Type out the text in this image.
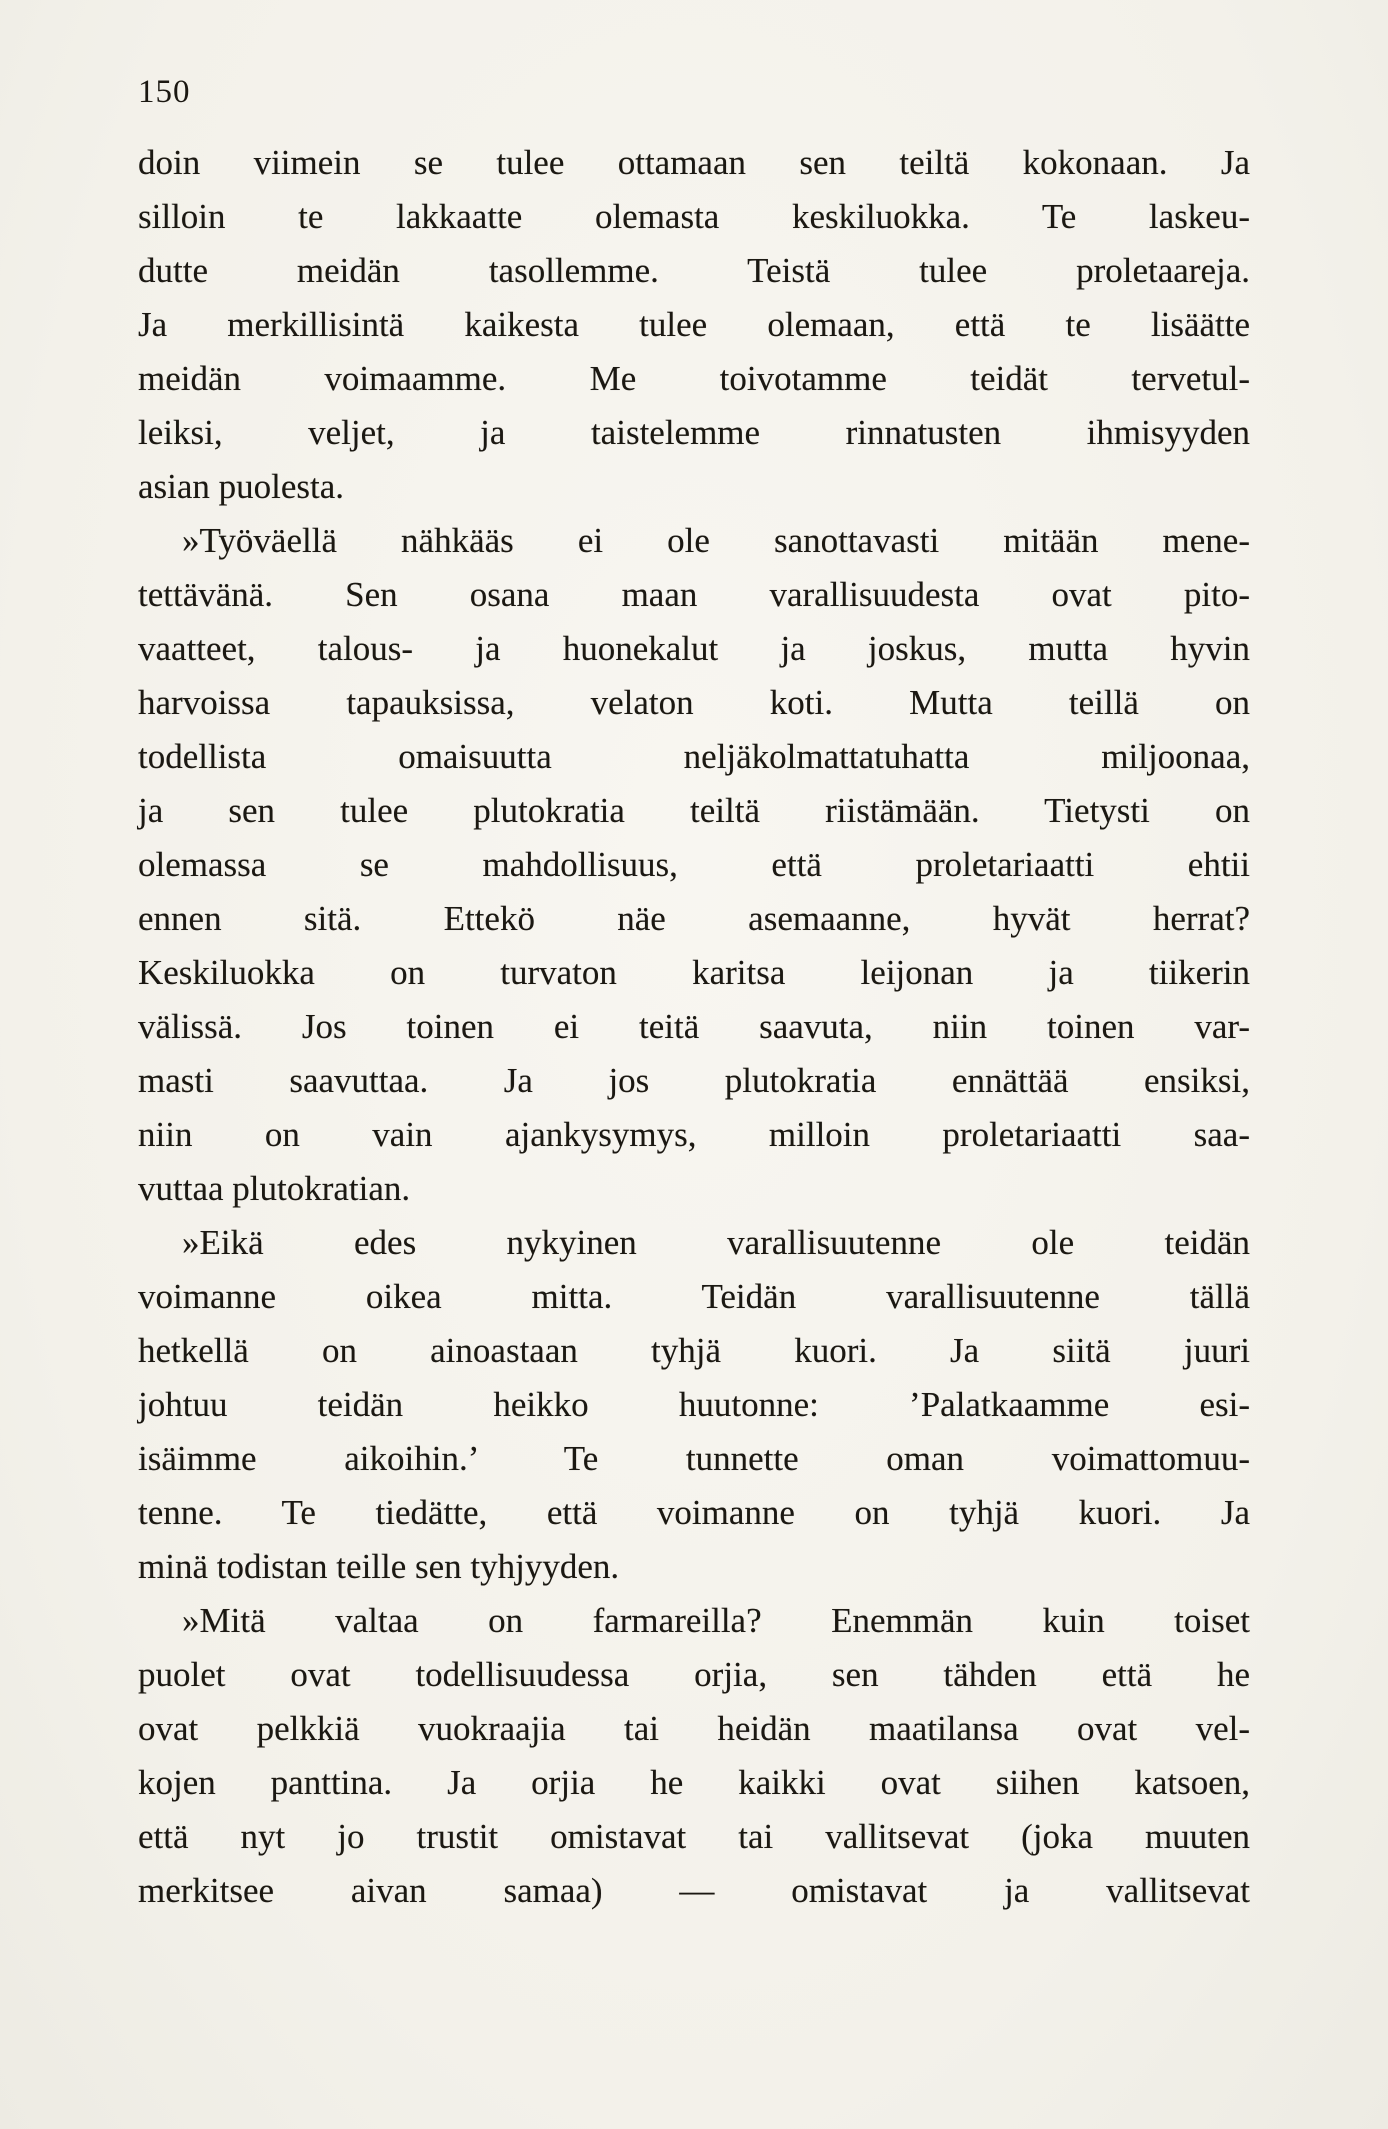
150
doin viimein se tulee ottamaan sen teiltä kokonaan. Ja
silloin te lakkaatte olemasta keskiluokka. Te laskeu-
dutte meidän tasollemme. Teistä tulee proletaareja.
Ja merkillisintä kaikesta tulee olemaan, että te lisäätte
meidän voimaamme. Me toivotamme teidät tervetul-
leiksi, veljet, ja taistelemme rinnatusten ihmisyyden
asian puolesta.
»Työväellä nähkääs ei ole sanottavasti mitään mene-
tettävänä. Sen osana maan varallisuudesta ovat pito-
vaatteet, talous- ja huonekalut ja joskus, mutta hyvin
harvoissa tapauksissa, velaton koti. Mutta teillä on
todellista omaisuutta neljäkolmattatuhatta miljoonaa,
ja sen tulee plutokratia teiltä riistämään. Tietysti on
olemassa se mahdollisuus, että proletariaatti ehtii
ennen sitä. Ettekö näe asemaanne, hyvät herrat?
Keskiluokka on turvaton karitsa leijonan ja tiikerin
välissä. Jos toinen ei teitä saavuta, niin toinen var-
masti saavuttaa. Ja jos plutokratia ennättää ensiksi,
niin on vain ajankysymys, milloin proletariaatti saa-
vuttaa plutokratian.
»Eikä edes nykyinen varallisuutenne ole teidän
voimanne oikea mitta. Teidän varallisuutenne tällä
hetkellä on ainoastaan tyhjä kuori. Ja siitä juuri
johtuu teidän heikko huutonne: ’Palatkaamme esi-
isäimme aikoihin.’ Te tunnette oman voimattomuu-
tenne. Te tiedätte, että voimanne on tyhjä kuori. Ja
minä todistan teille sen tyhjyyden.
»Mitä valtaa on farmareilla? Enemmän kuin toiset
puolet ovat todellisuudessa orjia, sen tähden että he
ovat pelkkiä vuokraajia tai heidän maatilansa ovat vel-
kojen panttina. Ja orjia he kaikki ovat siihen katsoen,
että nyt jo trustit omistavat tai vallitsevat (joka muuten
merkitsee aivan samaa) — omistavat ja vallitsevat
